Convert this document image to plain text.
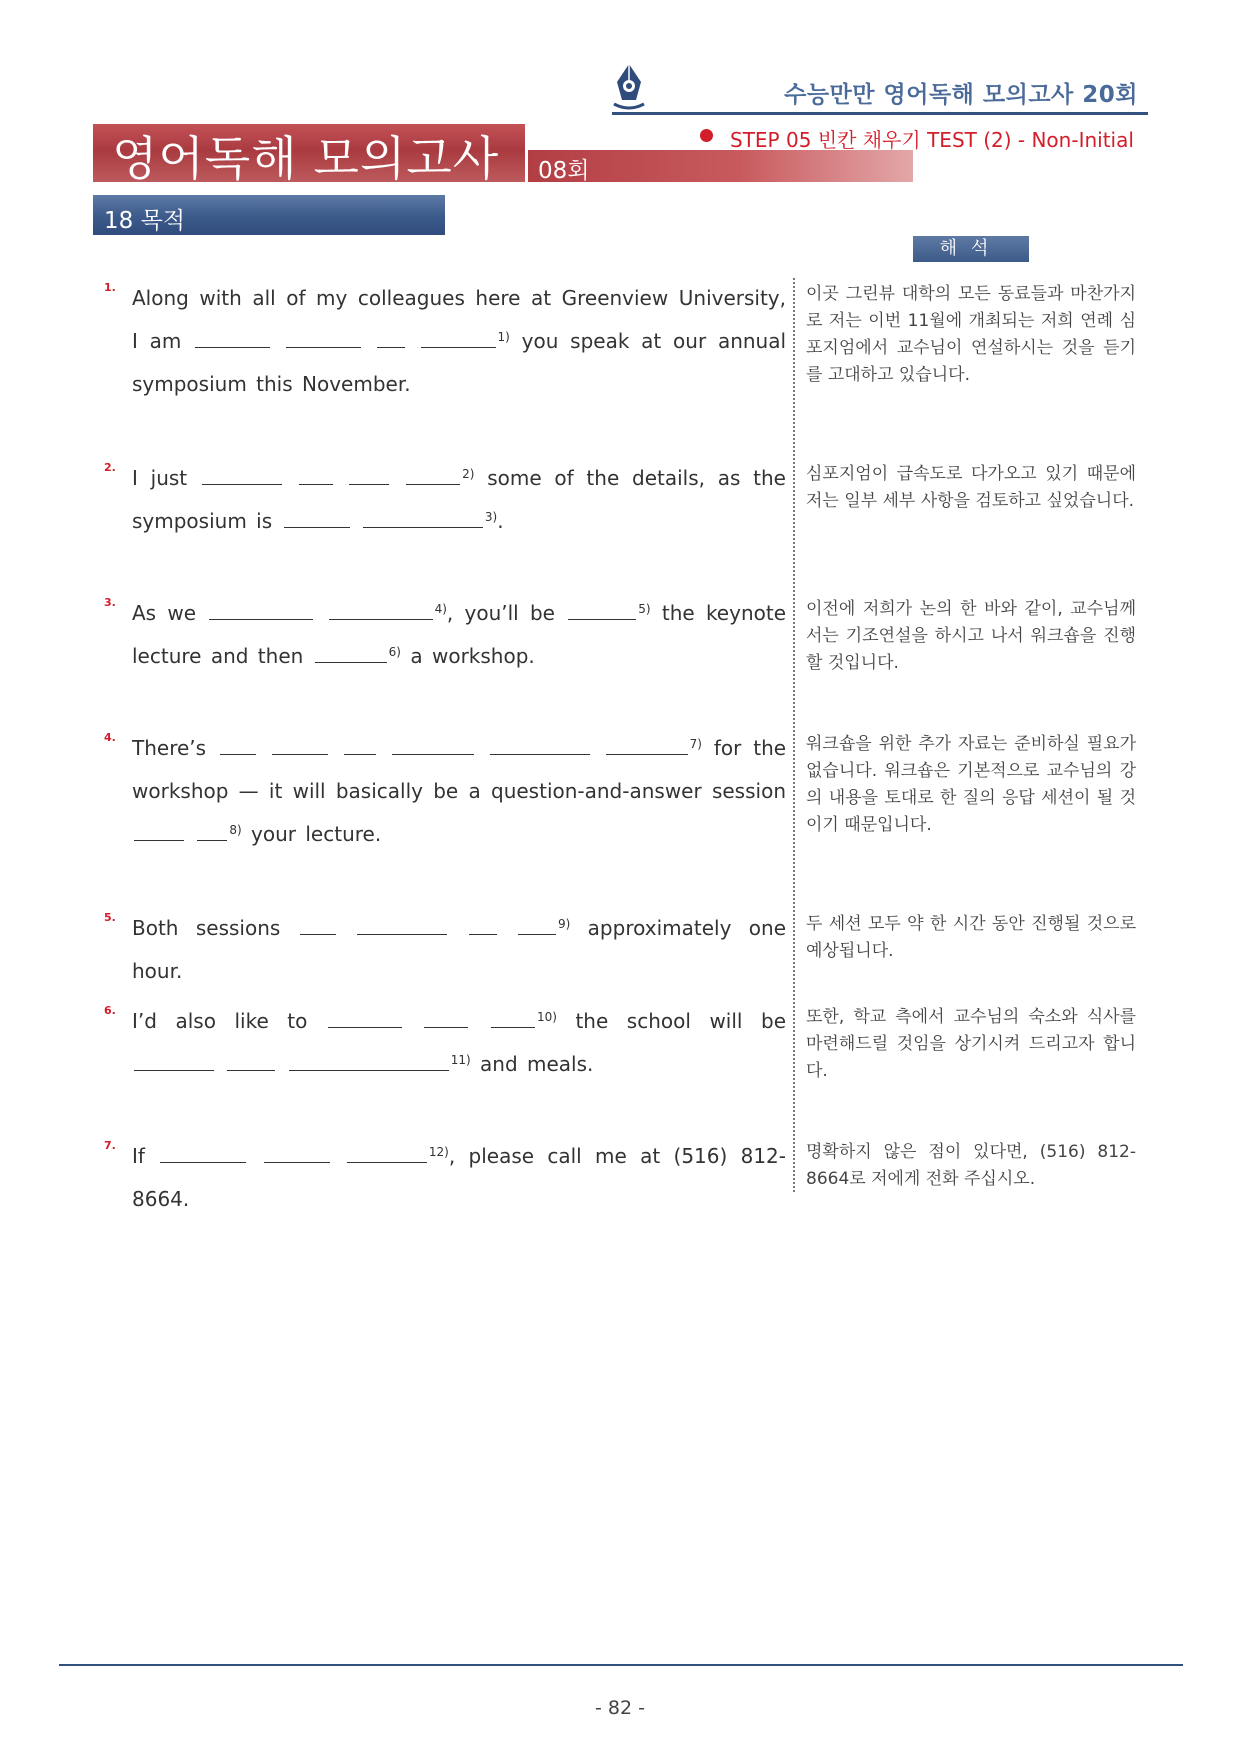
수능만만 영어독해 모의고사 20회
영어독해 모의고사 08회
STEP 05 빈칸 채우기 TEST (2) - Non-Initial
18 목적
해석
1. Along with all of my colleagues here at Greenview University, I am	$^{1)}$ you speak at our annual symposium this November.
이곳 그린뷰 대학의 모든 동료들과 마찬가지로 저는 이번 11월에 개최되는 저희 연례 심포지엄에서 교수님이 연설하시는 것을 듣기를 고대하고 있습니다.
2. I just	$^{2)}$ some of the details, as the symposium is	$^{3)}$.
심포지엄이 급속도로 다가오고 있기 때문에 저는 일부 세부 사항을 검토하고 싶었습니다.
3. As we	$^{4)}$, you’ll be	$^{5)}$ the keynote lecture and then	$^{6)}$ a workshop.
이전에 저희가 논의 한 바와 같이, 교수님께서는 기조연설을 하시고 나서 워크숍을 진행할 것입니다.
4. There’s	$^{7)}$ for the workshop — it will basically be a question-and-answer session  $^{8)}$ your lecture.
워크숍을 위한 추가 자료는 준비하실 필요가 없습니다. 워크숍은 기본적으로 교수님의 강의 내용을 토대로 한 질의 응답 세션이 될 것이기 때문입니다.
5. Both sessions	$^{9)}$ approximately one hour.
두 세션 모두 약 한 시간 동안 진행될 것으로 예상됩니다.
6. I’d also like to	$^{10)}$ the school will be   $^{11)}$ and meals.
또한, 학교 측에서 교수님의 숙소와 식사를 마련해드릴 것임을 상기시켜 드리고자 합니다.
7. If	$^{12)}$, please call me at (516) 812-8664.
명확하지 않은 점이 있다면, (516) 812-8664로 저에게 전화 주십시오.
- 82 -
